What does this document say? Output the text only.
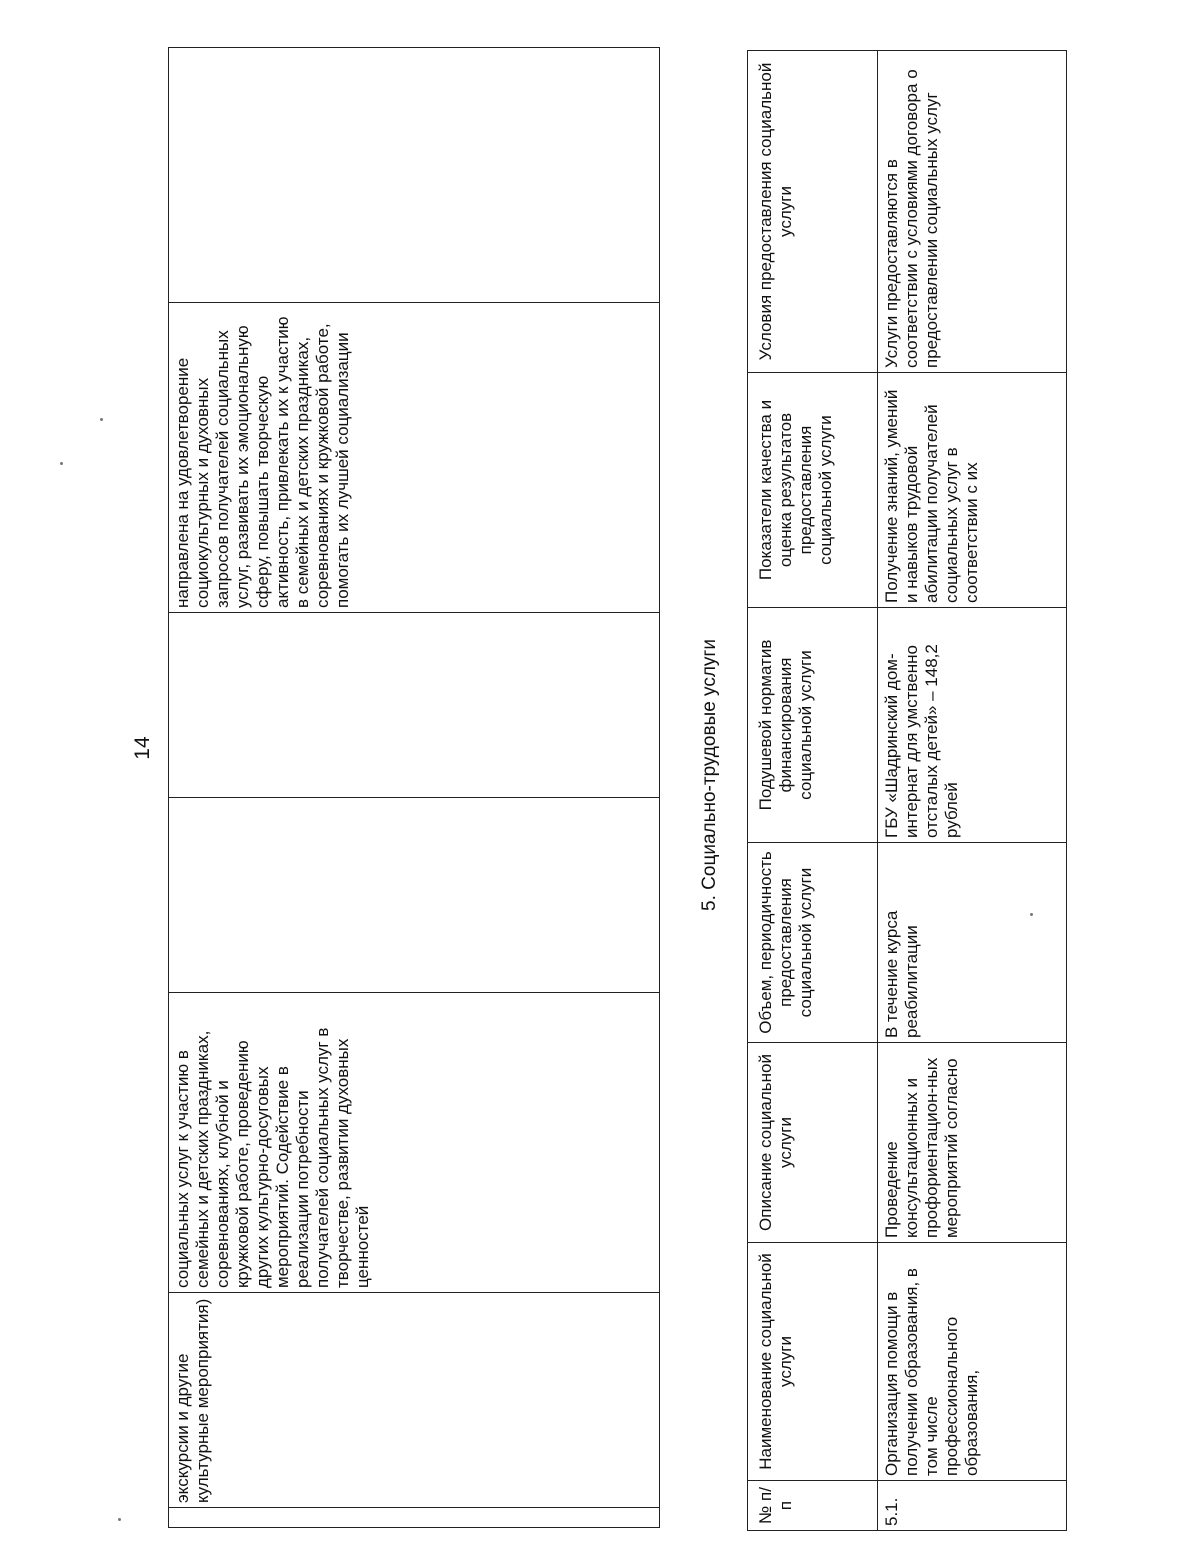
14
	экскурсии и другие культурные мероприятия)	социальных услуг к участию в семейных и детских праздниках, соревнованиях, клубной и кружковой работе, проведению других культурно-досуговых мероприятий. Содействие в реализации потребности получателей социальных услуг в творчестве, развитии духовных ценностей			направлена на удовлетворение социокультурных и духовных запросов получателей социальных услуг, развивать их эмоциональную сферу, повышать творческую активность, привлекать их к участию в семейных и детских праздниках, соревнованиях и кружковой работе, помогать их лучшей социализации	
5. Социально-трудовые услуги
№ п/п	Наименование социальной услуги	Описание социальной услуги	Объем, периодичность предоставления социальной услуги	Подушевой норматив финансирования социальной услуги	Показатели качества и оценка результатов предоставления социальной услуги	Условия предоставления социальной услуги
5.1.	Организация помощи в получении образования, в том числе профессионального образования,	Проведение консультационных и профориентацион-ных мероприятий согласно	В течение курса реабилитации	ГБУ «Шадринский дом-интернат для умственно отсталых детей» – 148,2 рублей	Получение знаний, умений и навыков трудовой абилитации получателей социальных услуг в соответствии с их	Услуги предоставляются в соответствии с условиями договора о предоставлении социальных услуг
